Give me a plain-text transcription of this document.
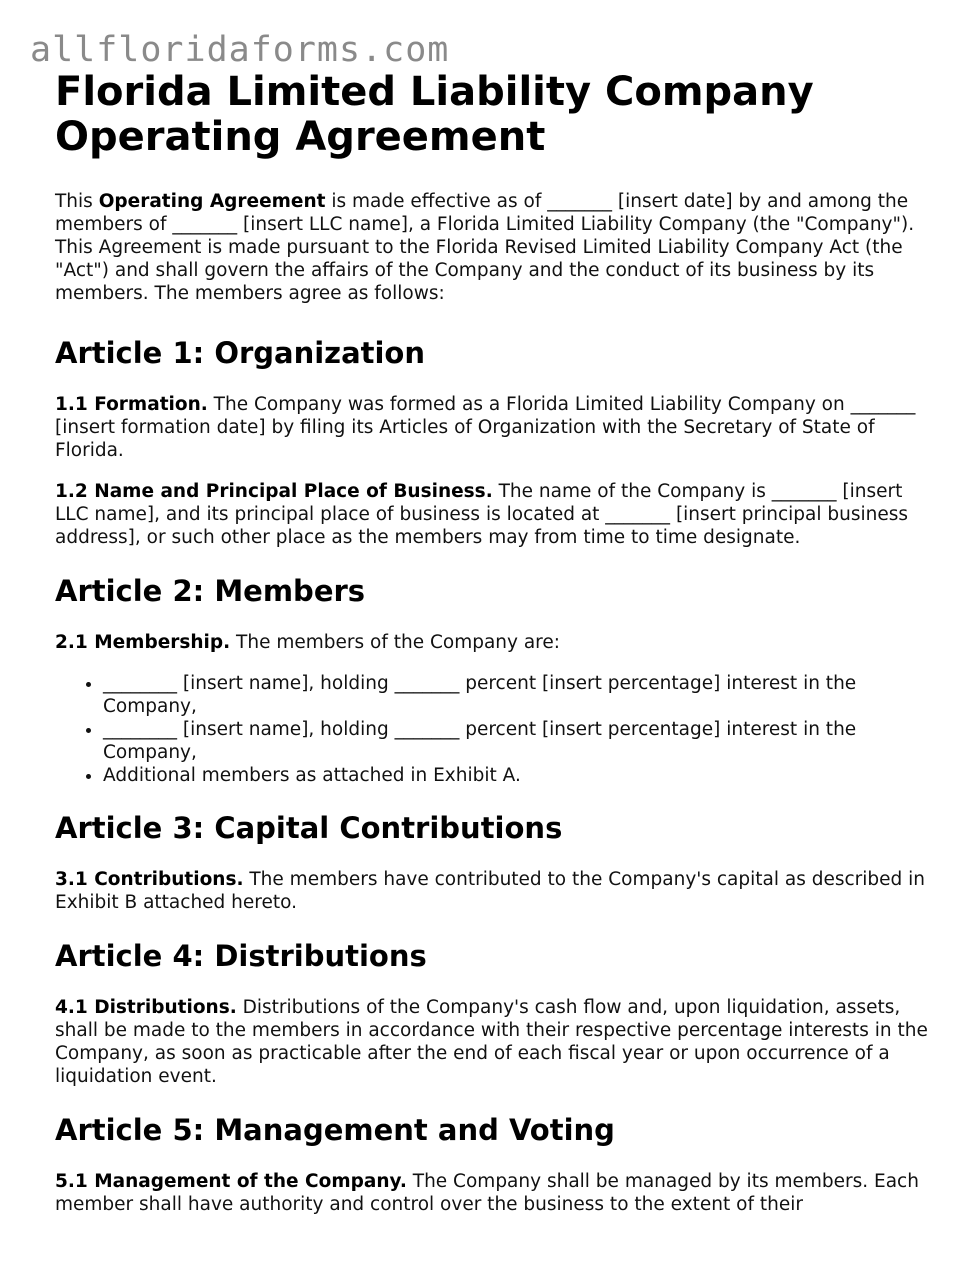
allfloridaforms.com
Florida Limited Liability Company Operating Agreement

This Operating Agreement is made effective as of _______ [insert date] by and among the members of _______ [insert LLC name], a Florida Limited Liability Company (the "Company"). This Agreement is made pursuant to the Florida Revised Limited Liability Company Act (the "Act") and shall govern the affairs of the Company and the conduct of its business by its members. The members agree as follows:

Article 1: Organization

1.1 Formation. The Company was formed as a Florida Limited Liability Company on _______ [insert formation date] by filing its Articles of Organization with the Secretary of State of Florida.

1.2 Name and Principal Place of Business. The name of the Company is _______ [insert LLC name], and its principal place of business is located at _______ [insert principal business address], or such other place as the members may from time to time designate.

Article 2: Members

2.1 Membership. The members of the Company are:

• ________ [insert name], holding _______ percent [insert percentage] interest in the Company,
• ________ [insert name], holding _______ percent [insert percentage] interest in the Company,
• Additional members as attached in Exhibit A.
Article 3: Capital Contributions

3.1 Contributions. The members have contributed to the Company's capital as described in Exhibit B attached hereto.

Article 4: Distributions

4.1 Distributions. Distributions of the Company's cash flow and, upon liquidation, assets, shall be made to the members in accordance with their respective percentage interests in the Company, as soon as practicable after the end of each fiscal year or upon occurrence of a liquidation event.

Article 5: Management and Voting

5.1 Management of the Company. The Company shall be managed by its members. Each member shall have authority and control over the business to the extent of their
